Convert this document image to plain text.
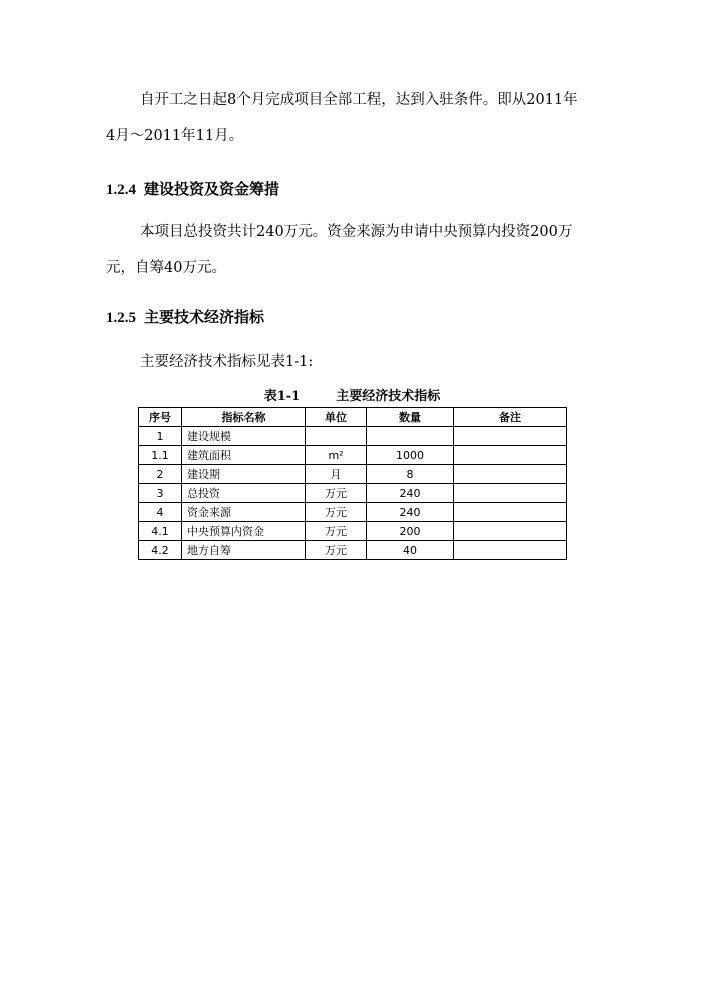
自开工之日起8个月完成项目全部工程，达到入驻条件。即从2011年4月～2011年11月。

1.2.4 建设投资及资金筹措

本项目总投资共计240万元。资金来源为申请中央预算内投资200万元，自筹40万元。

1.2.5 主要技术经济指标

主要经济技术指标见表1-1:

表1-1	主要经济技术指标
序号	指标名称	单位	数量	备注
1	建设规模			
1.1	建筑面积	m²	1000	
2	建设期	月	8	
3	总投资	万元	240	
4	资金来源	万元	240	
4.1	中央预算内资金	万元	200	
4.2	地方自筹	万元	40	
